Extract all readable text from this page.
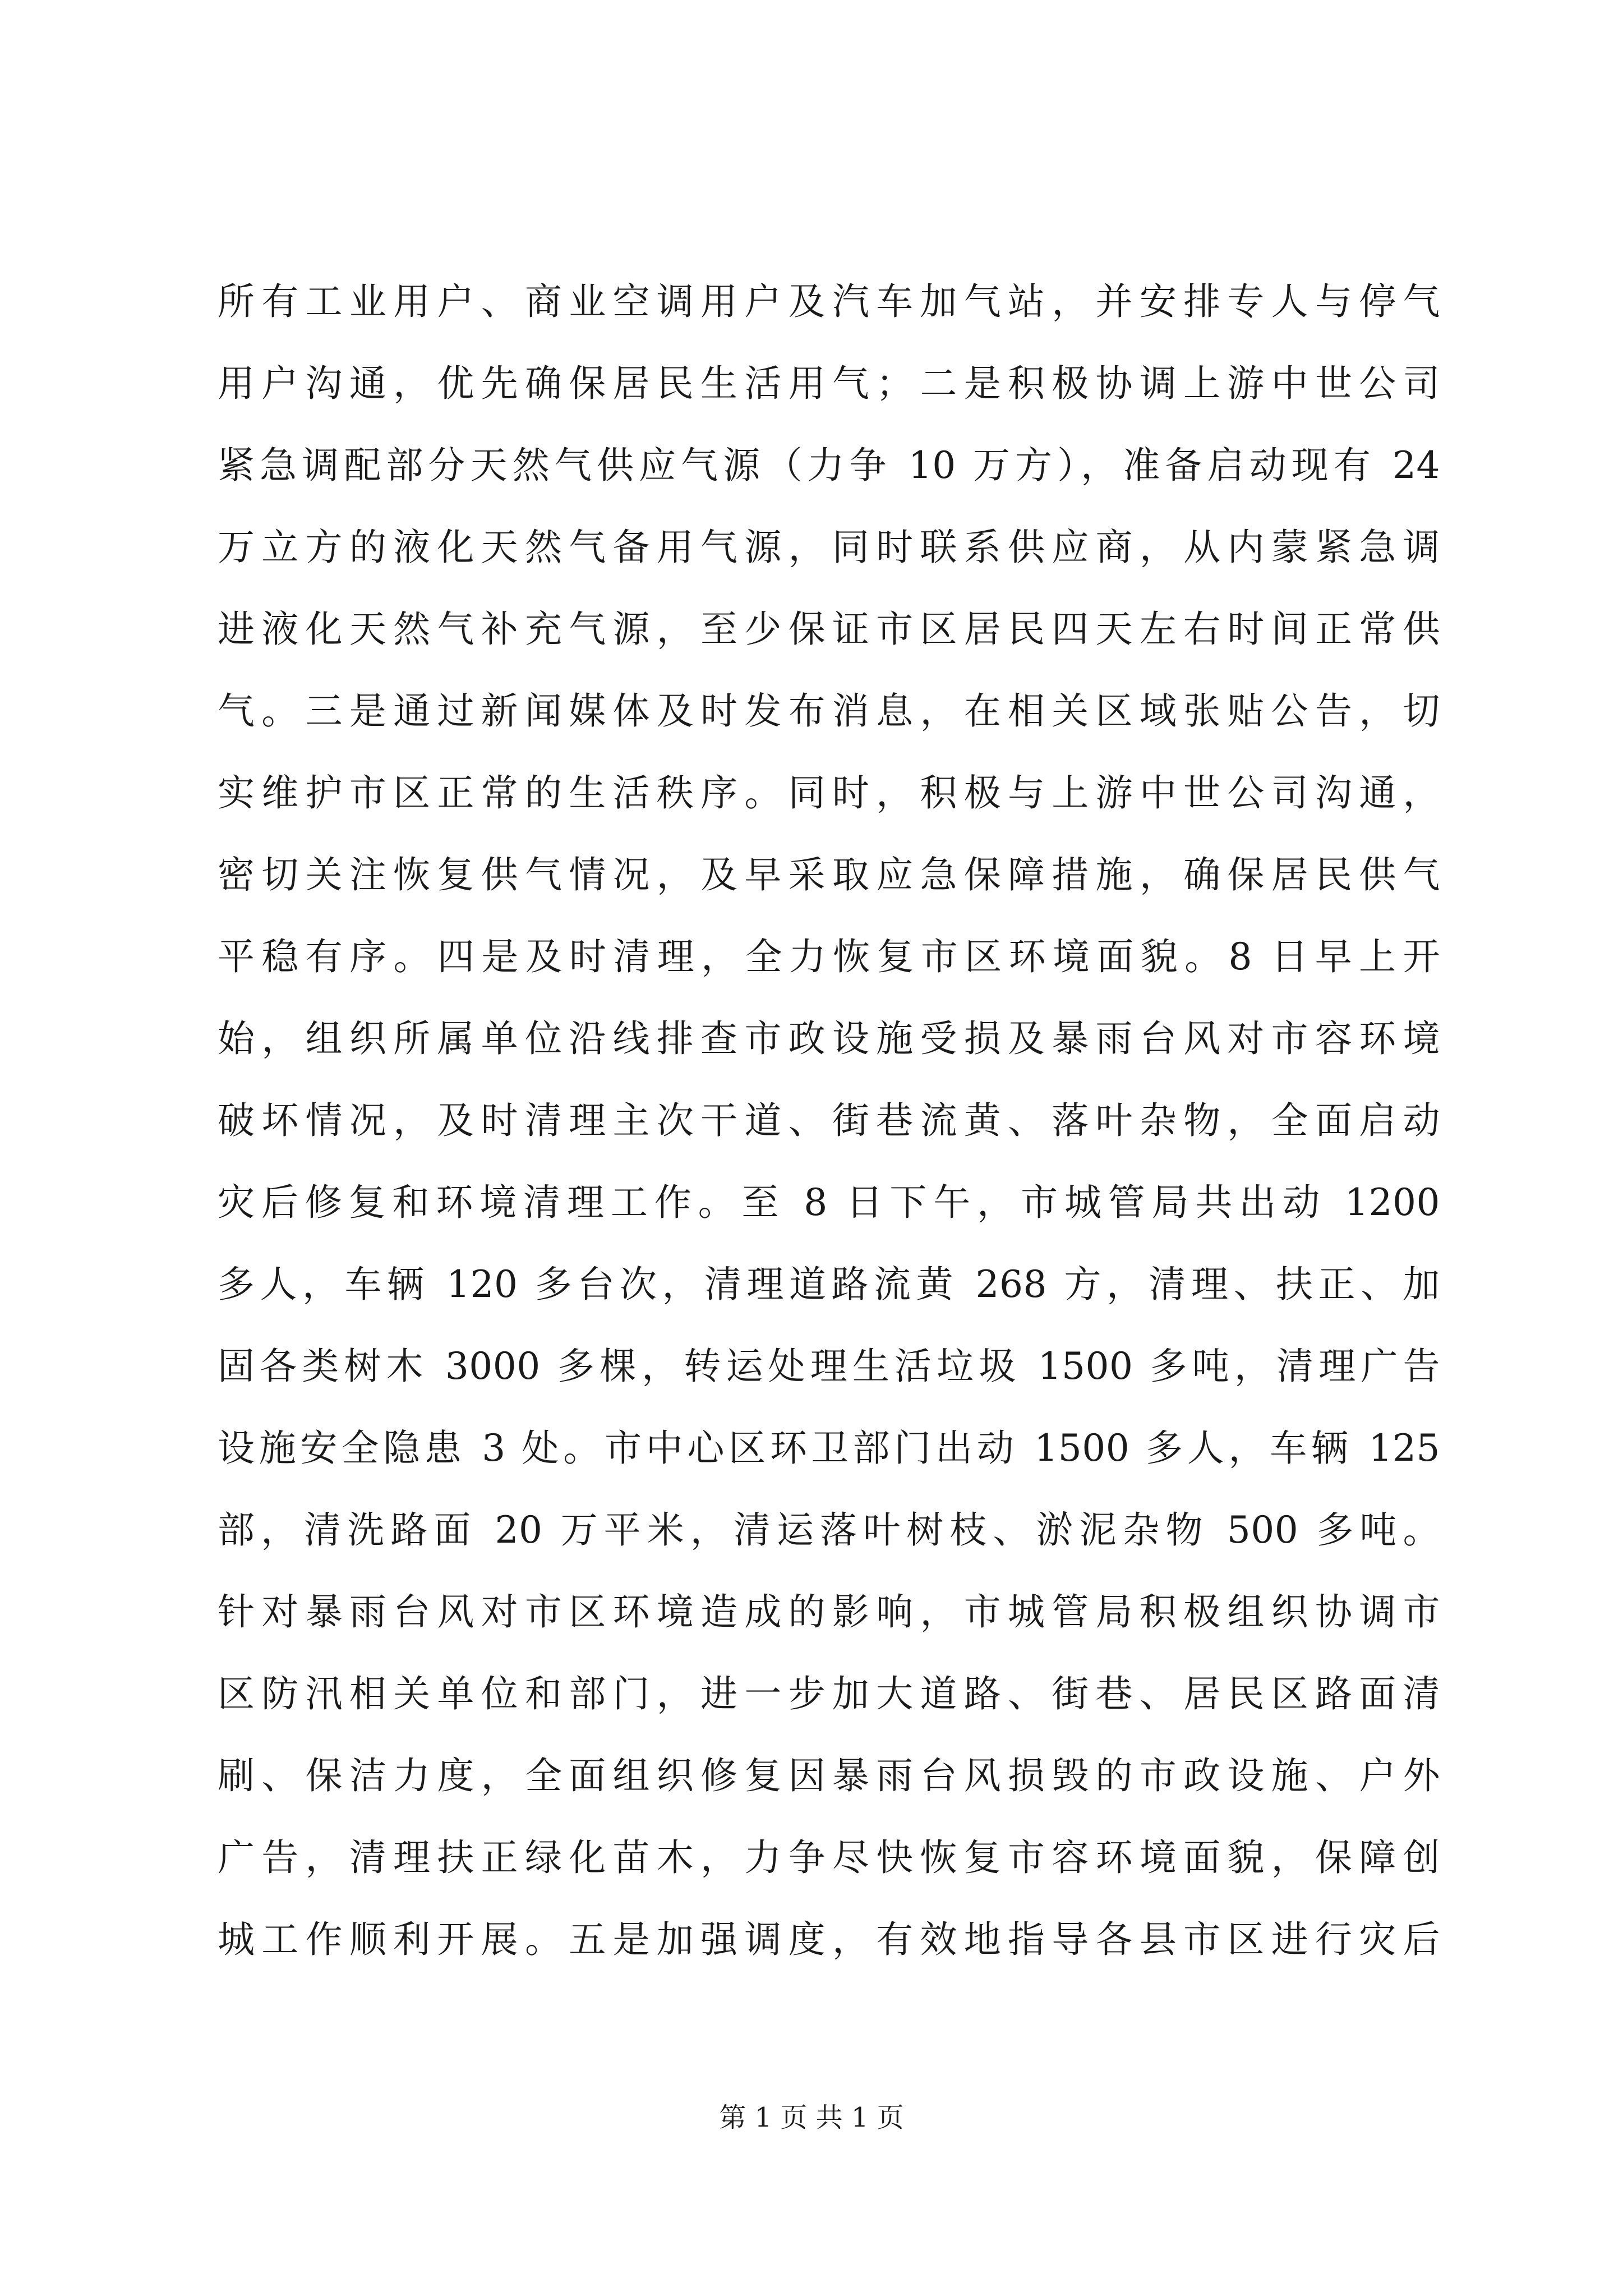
所有工业用户、商业空调用户及汽车加气站，并安排专人与停气
用户沟通，优先确保居民生活用气；二是积极协调上游中世公司
紧急调配部分天然气供应气源（力争 10 万方），准备启动现有 24
万立方的液化天然气备用气源，同时联系供应商，从内蒙紧急调
进液化天然气补充气源，至少保证市区居民四天左右时间正常供
气。三是通过新闻媒体及时发布消息，在相关区域张贴公告，切
实维护市区正常的生活秩序。同时，积极与上游中世公司沟通，
密切关注恢复供气情况，及早采取应急保障措施，确保居民供气
平稳有序。四是及时清理，全力恢复市区环境面貌。8 日早上开
始，组织所属单位沿线排查市政设施受损及暴雨台风对市容环境
破坏情况，及时清理主次干道、街巷流黄、落叶杂物，全面启动
灾后修复和环境清理工作。至 8 日下午，市城管局共出动 1200
多人，车辆 120 多台次，清理道路流黄 268 方，清理、扶正、加
固各类树木 3000 多棵，转运处理生活垃圾 1500 多吨，清理广告
设施安全隐患 3 处。市中心区环卫部门出动 1500 多人，车辆 125
部，清洗路面 20 万平米，清运落叶树枝、淤泥杂物 500 多吨。
针对暴雨台风对市区环境造成的影响，市城管局积极组织协调市
区防汛相关单位和部门，进一步加大道路、街巷、居民区路面清
刷、保洁力度，全面组织修复因暴雨台风损毁的市政设施、户外
广告，清理扶正绿化苗木，力争尽快恢复市容环境面貌，保障创
城工作顺利开展。五是加强调度，有效地指导各县市区进行灾后
第 1 页 共 1 页
